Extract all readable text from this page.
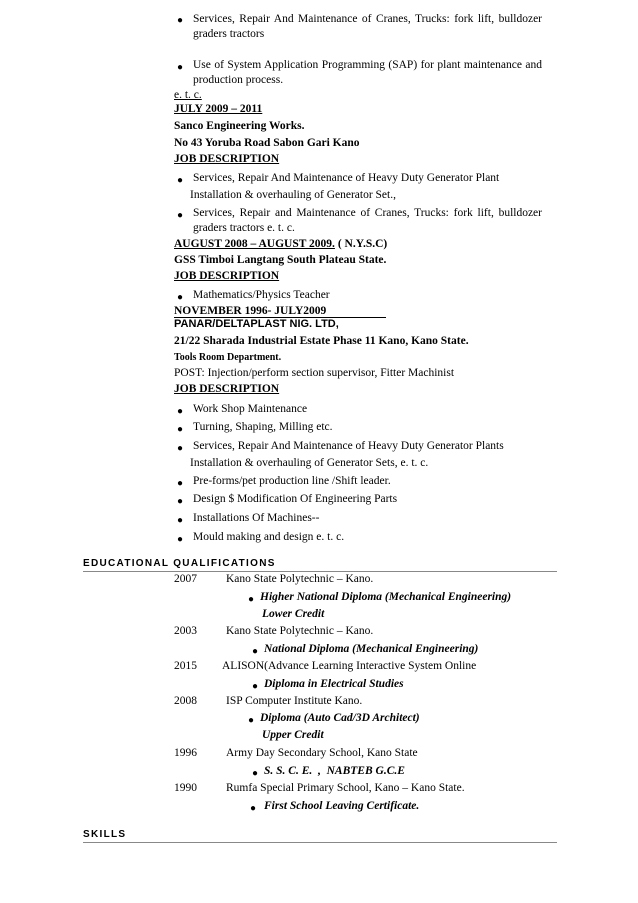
● Services, Repair And Maintenance of Cranes, Trucks: fork lift, bulldozer graders tractors
● Use of System Application Programming (SAP) for plant maintenance and production process.
e. t. c.
JULY 2009 – 2011
Sanco Engineering Works.
No 43 Yoruba Road Sabon Gari Kano
JOB DESCRIPTION
● Services, Repair And Maintenance of Heavy Duty Generator Plant
Installation & overhauling of Generator Set.,
● Services, Repair and Maintenance of Cranes, Trucks: fork lift, bulldozer graders tractors e. t. c.
AUGUST 2008 – AUGUST 2009. ( N.Y.S.C)
GSS Timboi Langtang South Plateau State.
JOB DESCRIPTION
● Mathematics/Physics Teacher
NOVEMBER 1996- JULY2009
PANAR/DELTAPLAST NIG. LTD,
21/22 Sharada Industrial Estate Phase 11 Kano, Kano State.
Tools Room Department.
POST: Injection/perform section supervisor, Fitter Machinist
JOB DESCRIPTION
● Work Shop Maintenance
● Turning, Shaping, Milling etc.
● Services, Repair And Maintenance of Heavy Duty Generator Plants
Installation & overhauling of Generator Sets, e. t. c.
● Pre-forms/pet production line /Shift leader.
● Design $ Modification Of Engineering Parts
● Installations Of Machines--
● Mould making and design e. t. c.
EDUCATIONAL QUALIFICATIONS
2007	Kano State Polytechnic – Kano.
● Higher National Diploma (Mechanical Engineering)
Lower Credit
2003	Kano State Polytechnic – Kano.
● National Diploma (Mechanical Engineering)
2015 ALISON(Advance Learning Interactive System Online
● Diploma in Electrical Studies
2008	ISP Computer Institute Kano.
● Diploma (Auto Cad/3D Architect)
Upper Credit
1996	Army Day Secondary School, Kano State
● S. S. C. E.  ,  NABTEB G.C.E
1990	Rumfa Special Primary School, Kano – Kano State.
● First School Leaving Certificate.
SKILLS
